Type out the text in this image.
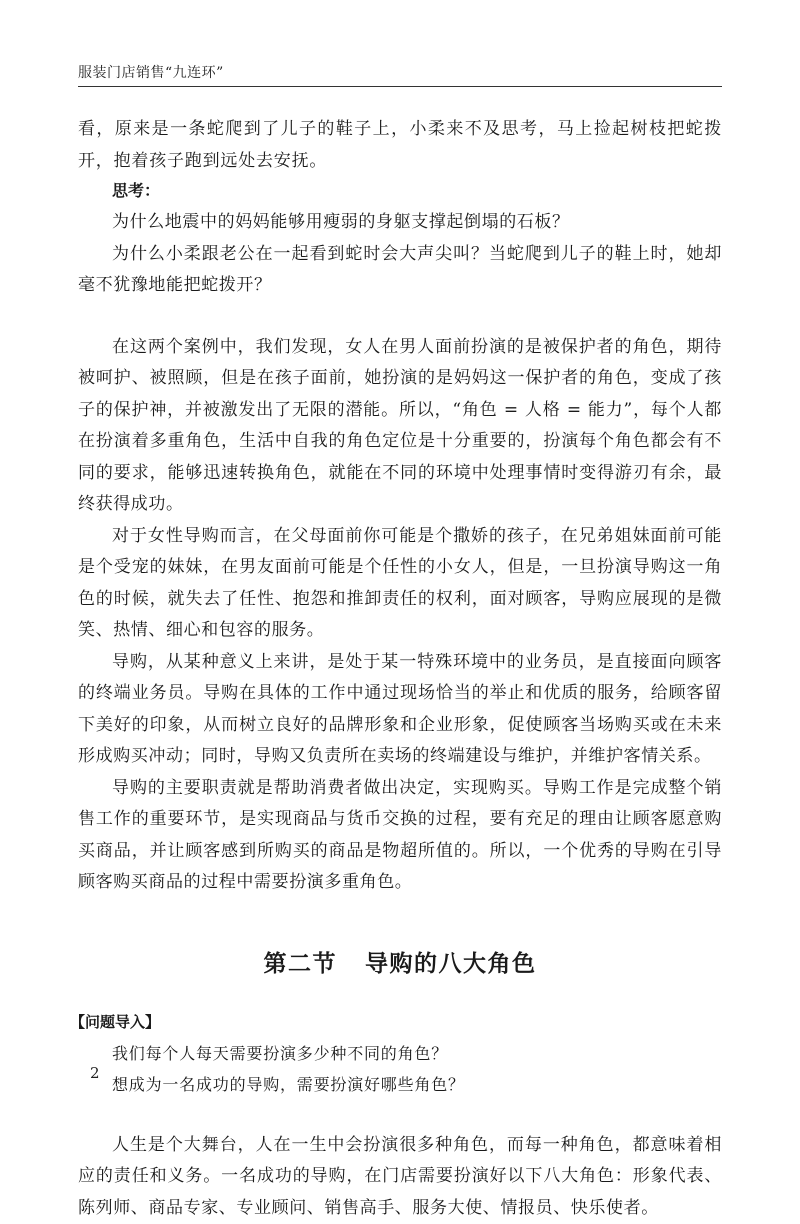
服装门店销售“九连环”

看，原来是一条蛇爬到了儿子的鞋子上，小柔来不及思考，马上捡起树枝把蛇拨开，抱着孩子跑到远处去安抚。

思考：

为什么地震中的妈妈能够用瘦弱的身躯支撑起倒塌的石板？

为什么小柔跟老公在一起看到蛇时会大声尖叫？当蛇爬到儿子的鞋上时，她却毫不犹豫地能把蛇拨开？

在这两个案例中，我们发现，女人在男人面前扮演的是被保护者的角色，期待被呵护、被照顾，但是在孩子面前，她扮演的是妈妈这一保护者的角色，变成了孩子的保护神，并被激发出了无限的潜能。所以，“角色 = 人格 = 能力”，每个人都在扮演着多重角色，生活中自我的角色定位是十分重要的，扮演每个角色都会有不同的要求，能够迅速转换角色，就能在不同的环境中处理事情时变得游刃有余，最终获得成功。

对于女性导购而言，在父母面前你可能是个撒娇的孩子，在兄弟姐妹面前可能是个受宠的妹妹，在男友面前可能是个任性的小女人，但是，一旦扮演导购这一角色的时候，就失去了任性、抱怨和推卸责任的权利，面对顾客，导购应展现的是微笑、热情、细心和包容的服务。

导购，从某种意义上来讲，是处于某一特殊环境中的业务员，是直接面向顾客的终端业务员。导购在具体的工作中通过现场恰当的举止和优质的服务，给顾客留下美好的印象，从而树立良好的品牌形象和企业形象，促使顾客当场购买或在未来形成购买冲动；同时，导购又负责所在卖场的终端建设与维护，并维护客情关系。

导购的主要职责就是帮助消费者做出决定，实现购买。导购工作是完成整个销售工作的重要环节，是实现商品与货币交换的过程，要有充足的理由让顾客愿意购买商品，并让顾客感到所购买的商品是物超所值的。所以，一个优秀的导购在引导顾客购买商品的过程中需要扮演多重角色。

第二节 导购的八大角色

【问题导入】

我们每个人每天需要扮演多少种不同的角色？

想成为一名成功的导购，需要扮演好哪些角色？

人生是个大舞台，人在一生中会扮演很多种角色，而每一种角色，都意味着相应的责任和义务。一名成功的导购，在门店需要扮演好以下八大角色：形象代表、陈列师、商品专家、专业顾问、销售高手、服务大使、情报员、快乐使者。

2
